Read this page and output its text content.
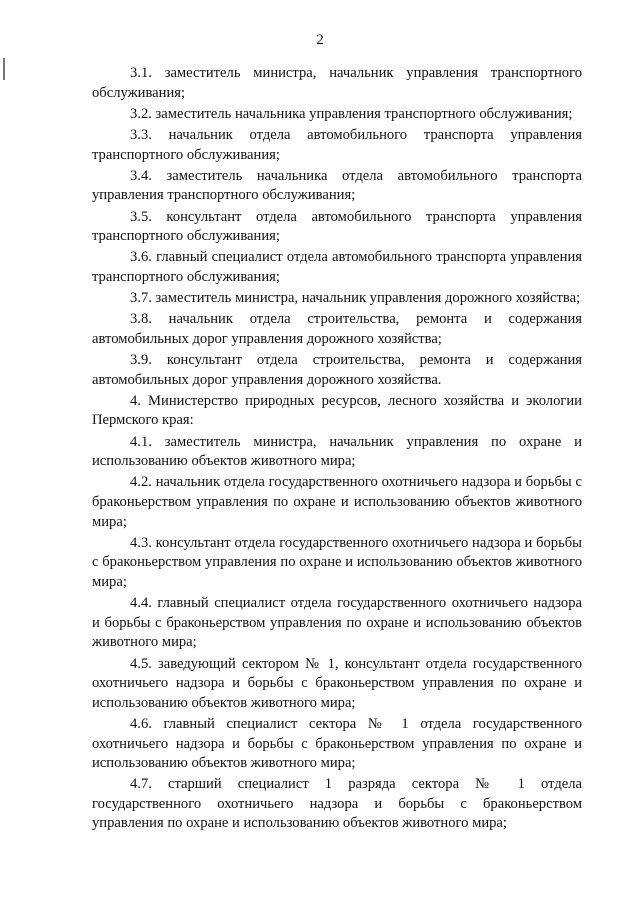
2

3.1. заместитель министра, начальник управления транспортного обслуживания;

3.2. заместитель начальника управления транспортного обслуживания;

3.3. начальник отдела автомобильного транспорта управления транспортного обслуживания;

3.4. заместитель начальника отдела автомобильного транспорта управления транспортного обслуживания;

3.5. консультант отдела автомобильного транспорта управления транспортного обслуживания;

3.6. главный специалист отдела автомобильного транспорта управления транспортного обслуживания;

3.7. заместитель министра, начальник управления дорожного хозяйства;

3.8. начальник отдела строительства, ремонта и содержания автомобильных дорог управления дорожного хозяйства;

3.9. консультант отдела строительства, ремонта и содержания автомобильных дорог управления дорожного хозяйства.

4. Министерство природных ресурсов, лесного хозяйства и экологии Пермского края:

4.1. заместитель министра, начальник управления по охране и использованию объектов животного мира;

4.2. начальник отдела государственного охотничьего надзора и борьбы с браконьерством управления по охране и использованию объектов животного мира;

4.3. консультант отдела государственного охотничьего надзора и борьбы с браконьерством управления по охране и использованию объектов животного мира;

4.4. главный специалист отдела государственного охотничьего надзора и борьбы с браконьерством управления по охране и использованию объектов животного мира;

4.5. заведующий сектором № 1, консультант отдела государственного охотничьего надзора и борьбы с браконьерством управления по охране и использованию объектов животного мира;

4.6. главный специалист сектора № 1 отдела государственного охотничьего надзора и борьбы с браконьерством управления по охране и использованию объектов животного мира;

4.7. старший специалист 1 разряда сектора № 1 отдела государственного охотничьего надзора и борьбы с браконьерством управления по охране и использованию объектов животного мира;
